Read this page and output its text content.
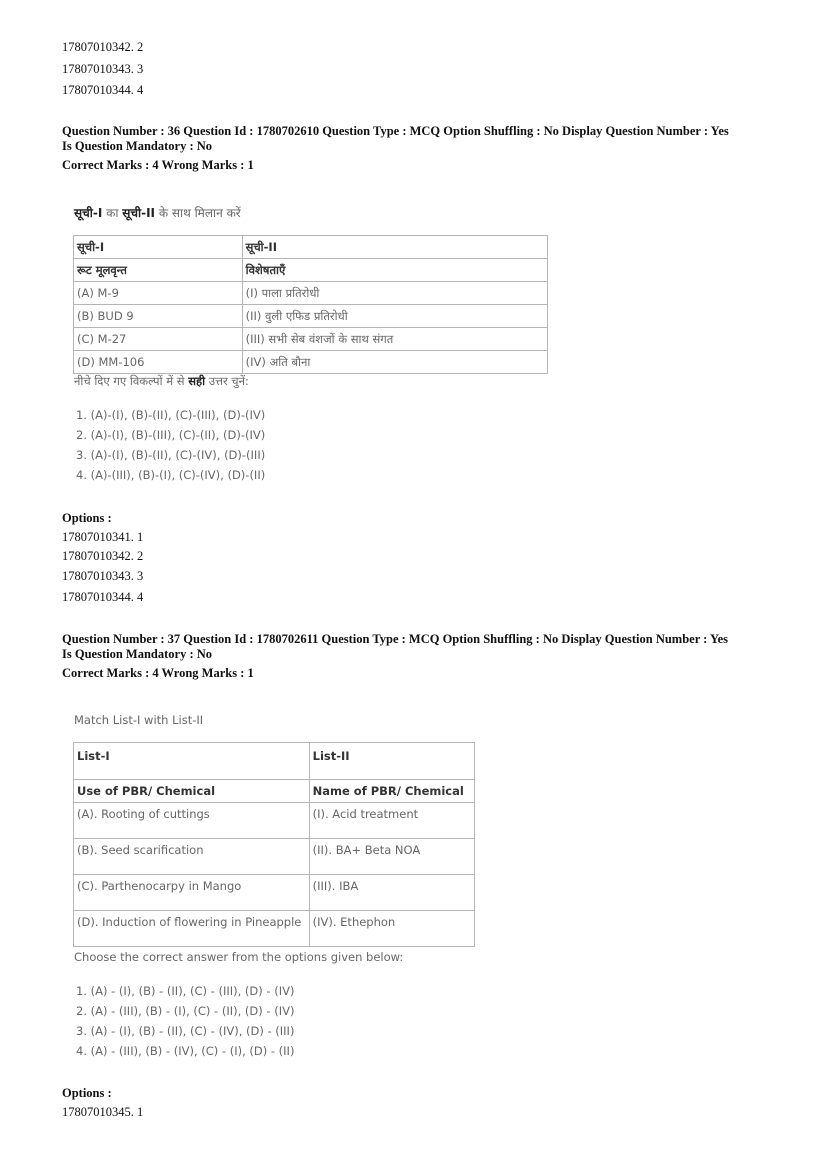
17807010342. 2
17807010343. 3
17807010344. 4
Question Number : 36 Question Id : 1780702610 Question Type : MCQ Option Shuffling : No Display Question Number : Yes
Is Question Mandatory : No
Correct Marks : 4 Wrong Marks : 1
सूची-I का सूची-II के साथ मिलान करें
सूची-I	सूची-II
रूट मूलवृन्त	विशेषताएँ
(A) M-9	(I) पाला प्रतिरोधी
(B) BUD 9	(II) वुली एफिड प्रतिरोधी
(C) M-27	(III) सभी सेब वंशजों के साथ संगत
(D) MM-106	(IV) अति बौना
नीचे दिए गए विकल्पों में से सही उत्तर चुनें:
1. (A)-(I), (B)-(II), (C)-(III), (D)-(IV)
2. (A)-(I), (B)-(III), (C)-(II), (D)-(IV)
3. (A)-(I), (B)-(II), (C)-(IV), (D)-(III)
4. (A)-(III), (B)-(I), (C)-(IV), (D)-(II)
Options :
17807010341. 1
17807010342. 2
17807010343. 3
17807010344. 4
Question Number : 37 Question Id : 1780702611 Question Type : MCQ Option Shuffling : No Display Question Number : Yes
Is Question Mandatory : No
Correct Marks : 4 Wrong Marks : 1
Match List-I with List-II
List-I	List-II
Use of PBR/ Chemical	Name of PBR/ Chemical
(A). Rooting of cuttings	(I). Acid treatment
(B). Seed scarification	(II). BA+ Beta NOA
(C). Parthenocarpy in Mango	(III). IBA
(D). Induction of flowering in Pineapple	(IV). Ethephon
Choose the correct answer from the options given below:
1. (A) - (I), (B) - (II), (C) - (III), (D) - (IV)
2. (A) - (III), (B) - (I), (C) - (II), (D) - (IV)
3. (A) - (I), (B) - (II), (C) - (IV), (D) - (III)
4. (A) - (III), (B) - (IV), (C) - (I), (D) - (II)
Options :
17807010345. 1
